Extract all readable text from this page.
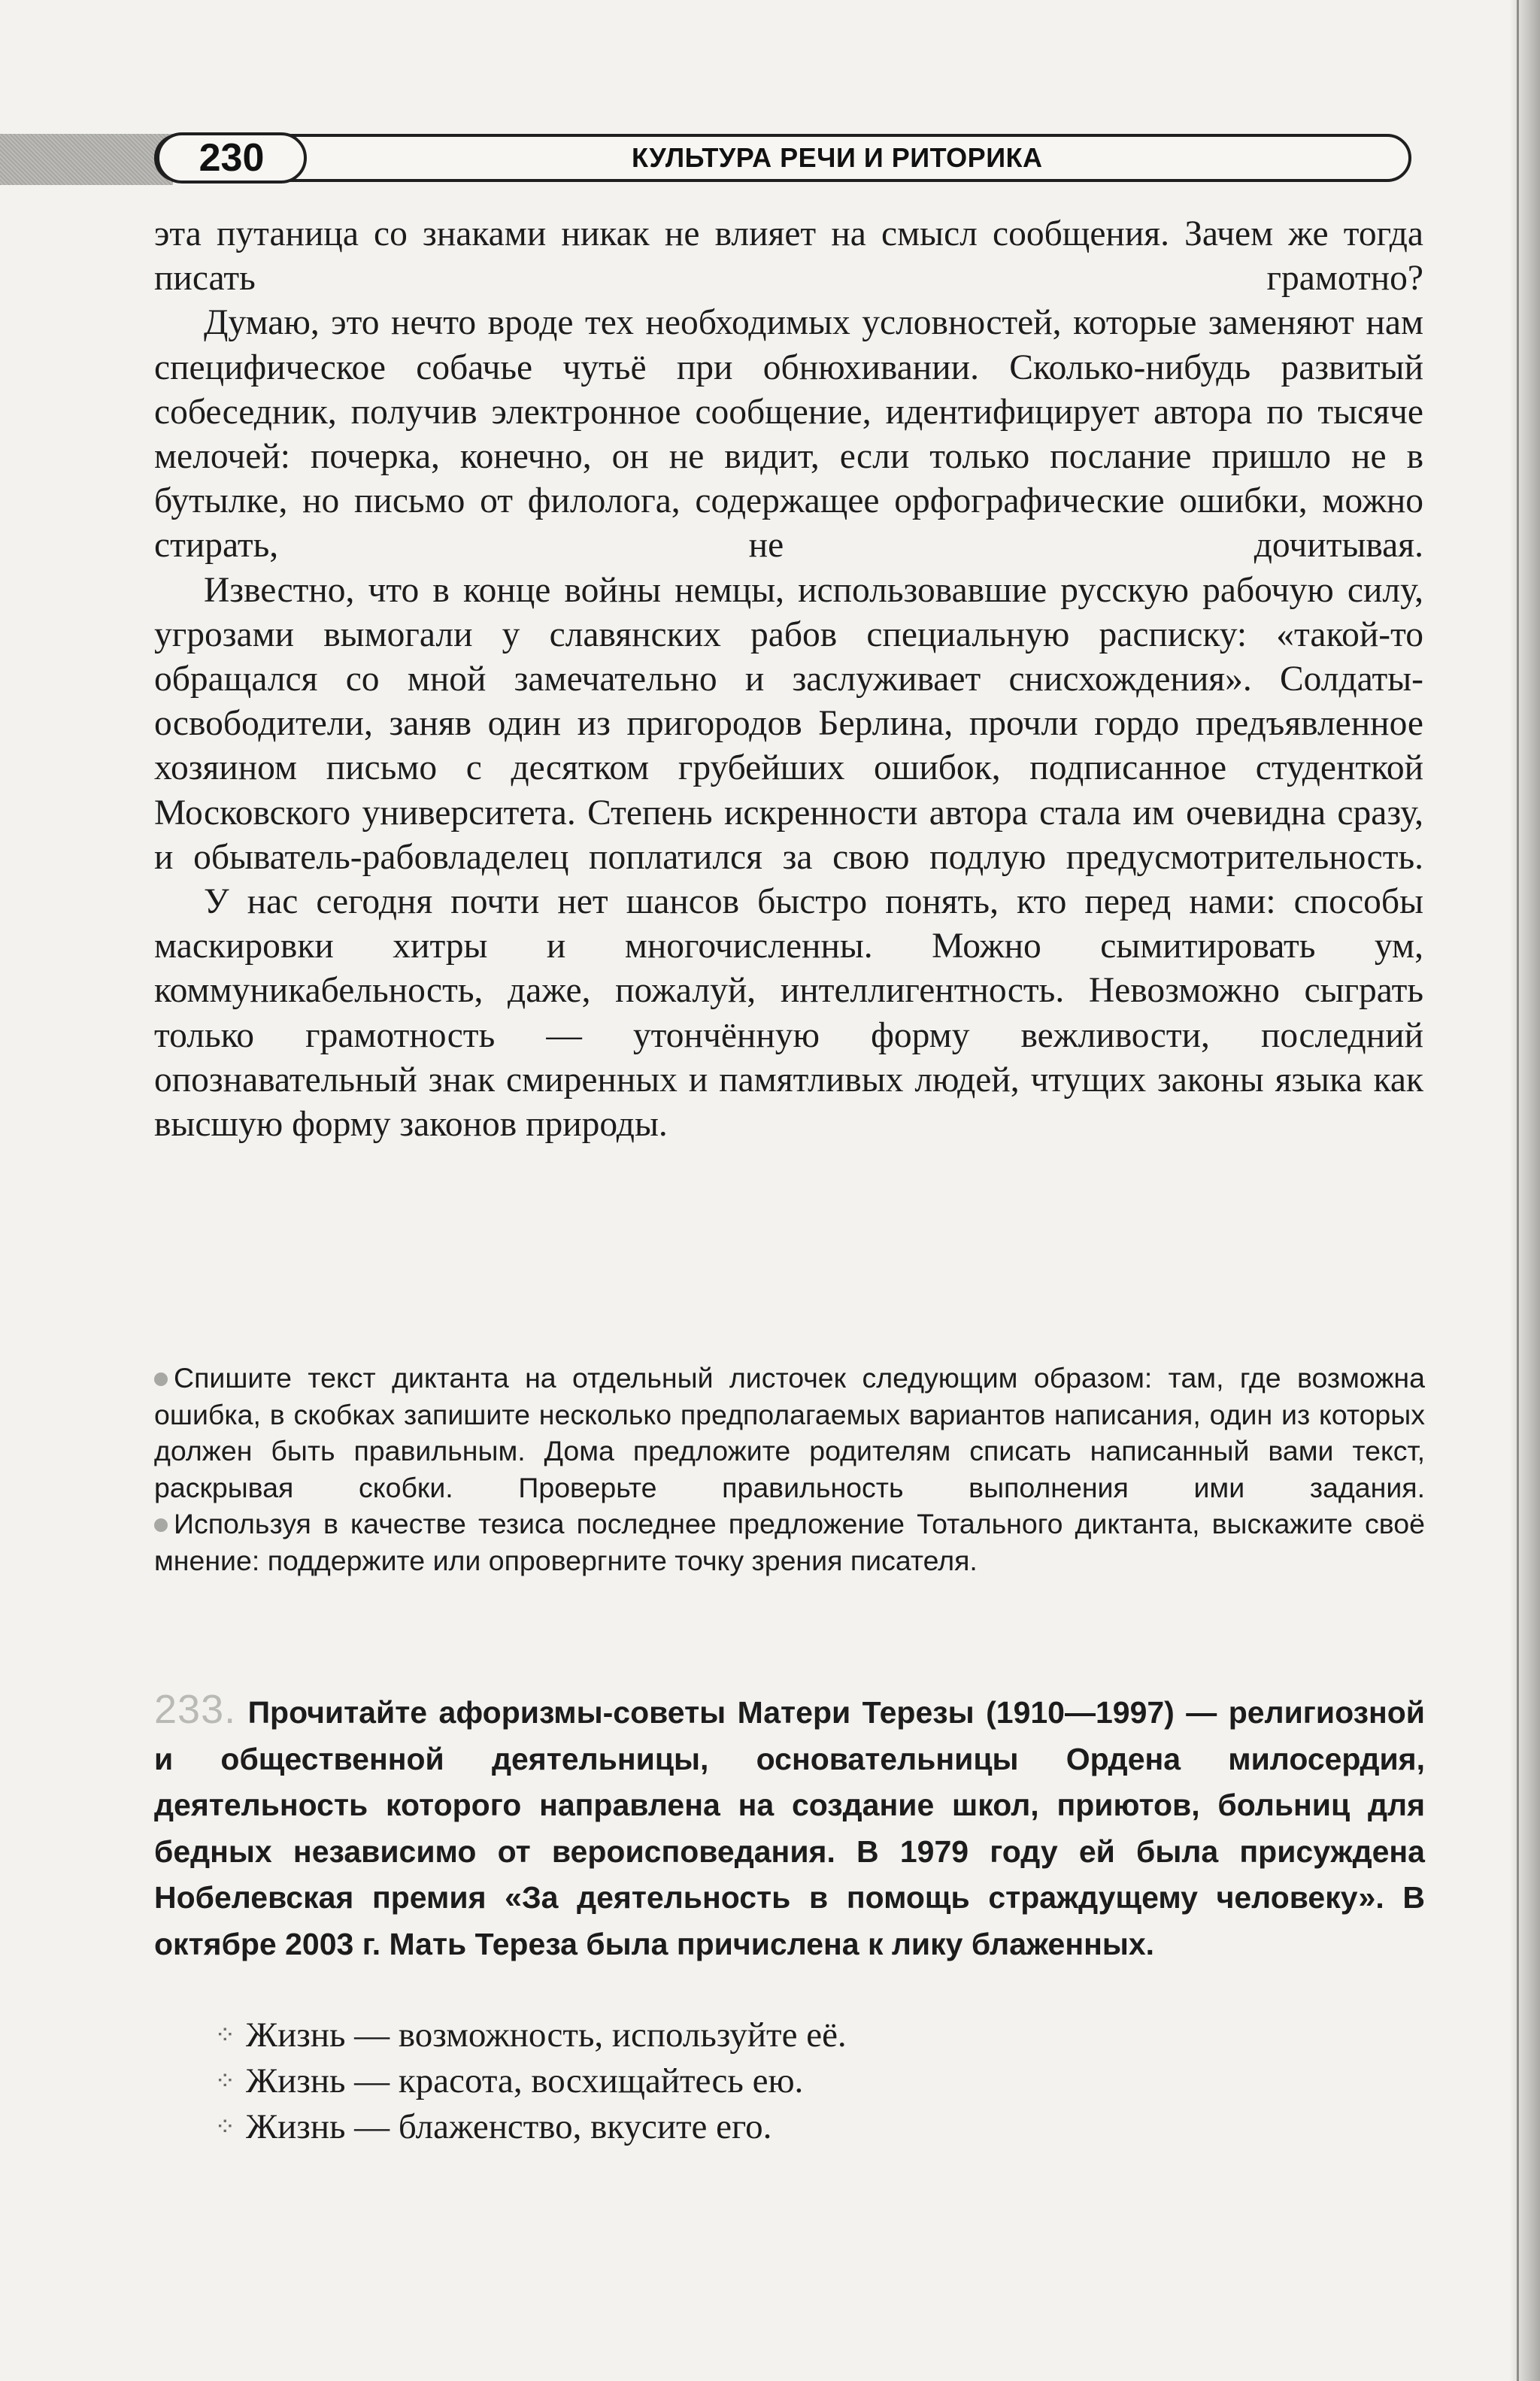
230	КУЛЬТУРА РЕЧИ И РИТОРИКА

эта путаница со знаками никак не влияет на смысл сообщения. Зачем же тогда писать грамотно?

Думаю, это нечто вроде тех необходимых условностей, которые заменяют нам специфическое собачье чутьё при обнюхивании. Сколько-нибудь развитый собеседник, получив электронное сообщение, идентифицирует автора по тысяче мелочей: почерка, конечно, он не видит, если только послание пришло не в бутылке, но письмо от филолога, содержащее орфографические ошибки, можно стирать, не дочитывая.

Известно, что в конце войны немцы, использовавшие русскую рабочую силу, угрозами вымогали у славянских рабов специальную расписку: «такой-то обращался со мной замечательно и заслуживает снисхождения». Солдаты-освободители, заняв один из пригородов Берлина, прочли гордо предъявленное хозяином письмо с десятком грубейших ошибок, подписанное студенткой Московского университета. Степень искренности автора стала им очевидна сразу, и обыватель-рабовладелец поплатился за свою подлую предусмотрительность.

У нас сегодня почти нет шансов быстро понять, кто перед нами: способы маскировки хитры и многочисленны. Можно сымитировать ум, коммуникабельность, даже, пожалуй, интеллигентность. Невозможно сыграть только грамотность — утончённую форму вежливости, последний опознавательный знак смиренных и памятливых людей, чтущих законы языка как высшую форму законов природы.

Спишите текст диктанта на отдельный листочек следующим образом: там, где возможна ошибка, в скобках запишите несколько предполагаемых вариантов написания, один из которых должен быть правильным. Дома предложите родителям списать написанный вами текст, раскрывая скобки. Проверьте правильность выполнения ими задания.

Используя в качестве тезиса последнее предложение Тотального диктанта, выскажите своё мнение: поддержите или опровергните точку зрения писателя.

233. Прочитайте афоризмы-советы Матери Терезы (1910—1997) — религиозной и общественной деятельницы, основательницы Ордена милосердия, деятельность которого направлена на создание школ, приютов, больниц для бедных независимо от вероисповедания. В 1979 году ей была присуждена Нобелевская премия «За деятельность в помощь страждущему человеку». В октябре 2003 г. Мать Тереза была причислена к лику блаженных.

⁘ Жизнь — возможность, используйте её.

⁘ Жизнь — красота, восхищайтесь ею.

⁘ Жизнь — блаженство, вкусите его.
